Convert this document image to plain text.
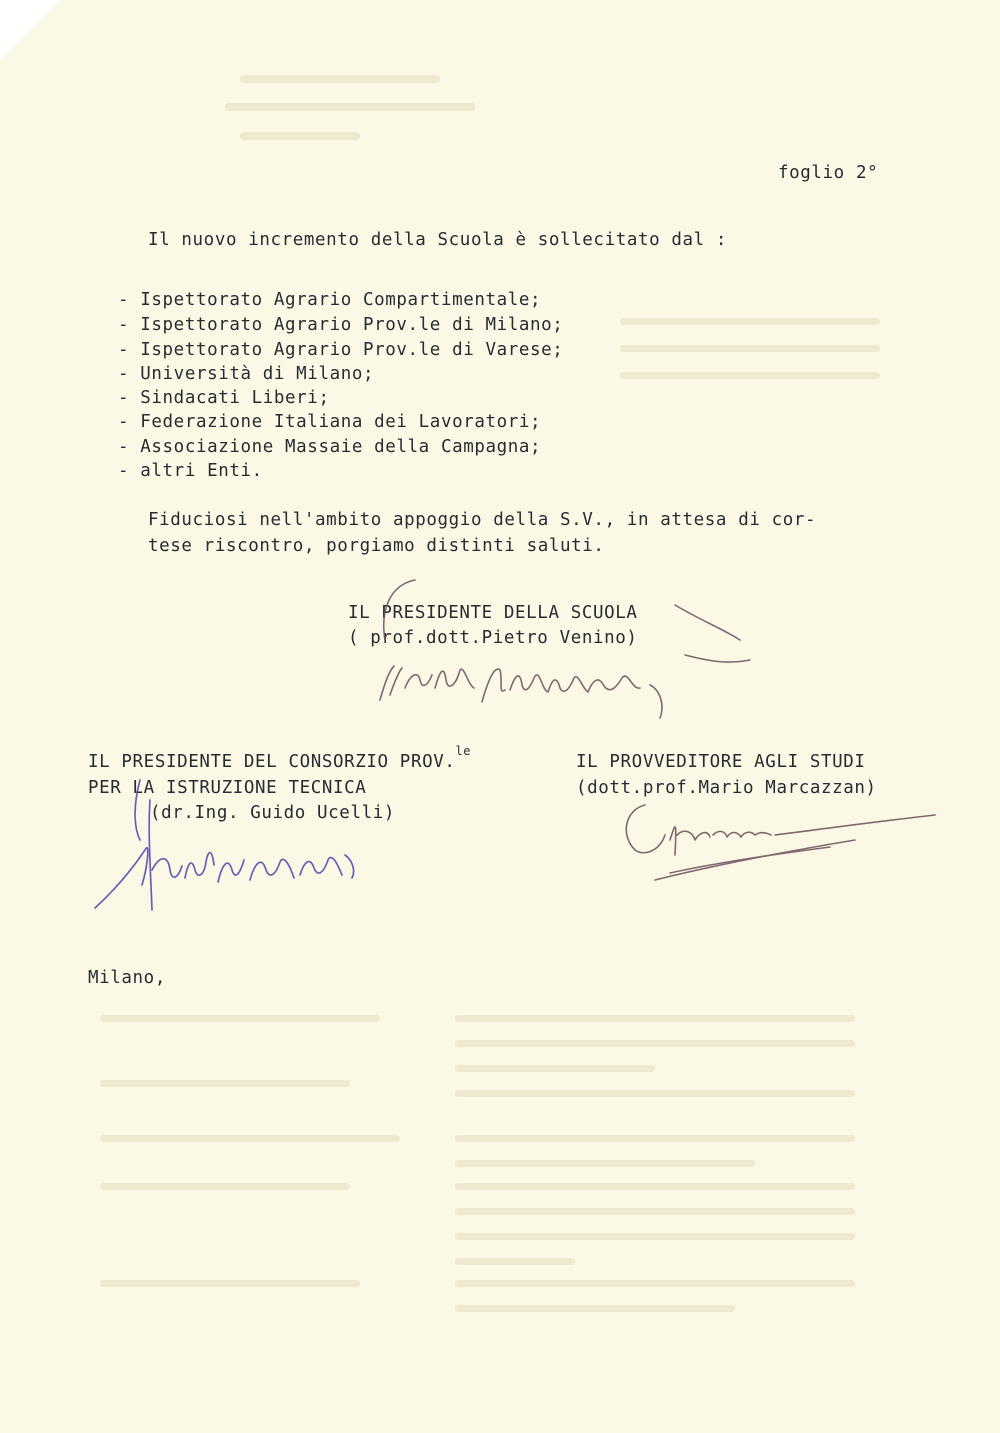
foglio 2°
Il nuovo incremento della Scuola è sollecitato dal :
- Ispettorato Agrario Compartimentale;
- Ispettorato Agrario Prov.le di Milano;
- Ispettorato Agrario Prov.le di Varese;
- Università di Milano;
- Sindacati Liberi;
- Federazione Italiana dei Lavoratori;
- Associazione Massaie della Campagna;
- altri Enti.
Fiduciosi nell'ambito appoggio della S.V., in attesa di cor-
tese riscontro, porgiamo distinti saluti.
IL PRESIDENTE DELLA SCUOLA
( prof.dott.Pietro Venino)
IL PRESIDENTE DEL CONSORZIO PROV.$^{le}$
PER LA ISTRUZIONE TECNICA
(dr.Ing. Guido Ucelli)
IL PROVVEDITORE AGLI STUDI
(dott.prof.Mario Marcazzan)
Milano,
